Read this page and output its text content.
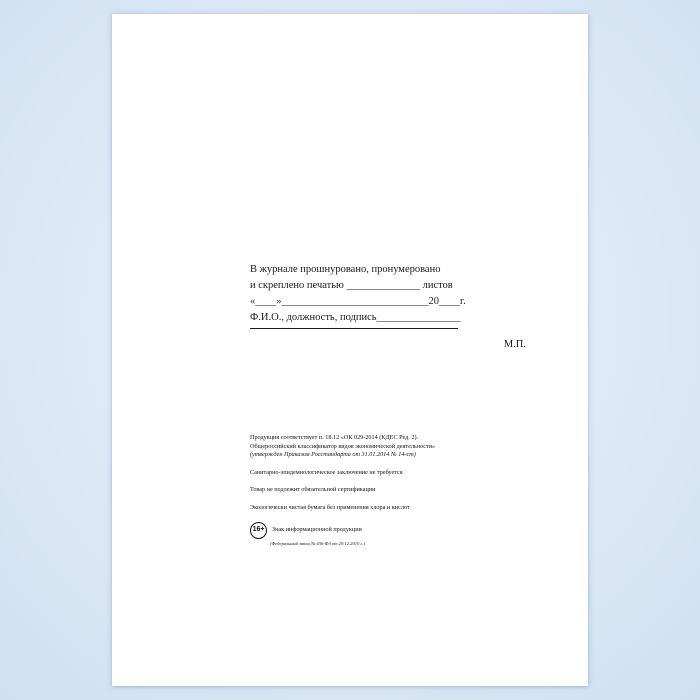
В журнале прошнуровано, пронумеровано
и скреплено печатью ______________ листов
«____»____________________________20____г.
Ф.И.О., должность, подпись________________
М.П.

Продукция соответствует п. 18.12 «ОК 029-2014 (КДЕС Ред. 2).

Общероссийский классификатор видов экономической деятельности»

(утвержден Приказом Росстандарта от 31.01.2014 № 14-ст)

Санитарно-эпидемиологическое заключение не требуется

Товар не подлежит обязательной сертификации

Экологически чистая бумага без применения хлора и кислот

16+	Знак информационной продукции
(Федеральный закон № 436-ФЗ от 29.12.2010 г.)
